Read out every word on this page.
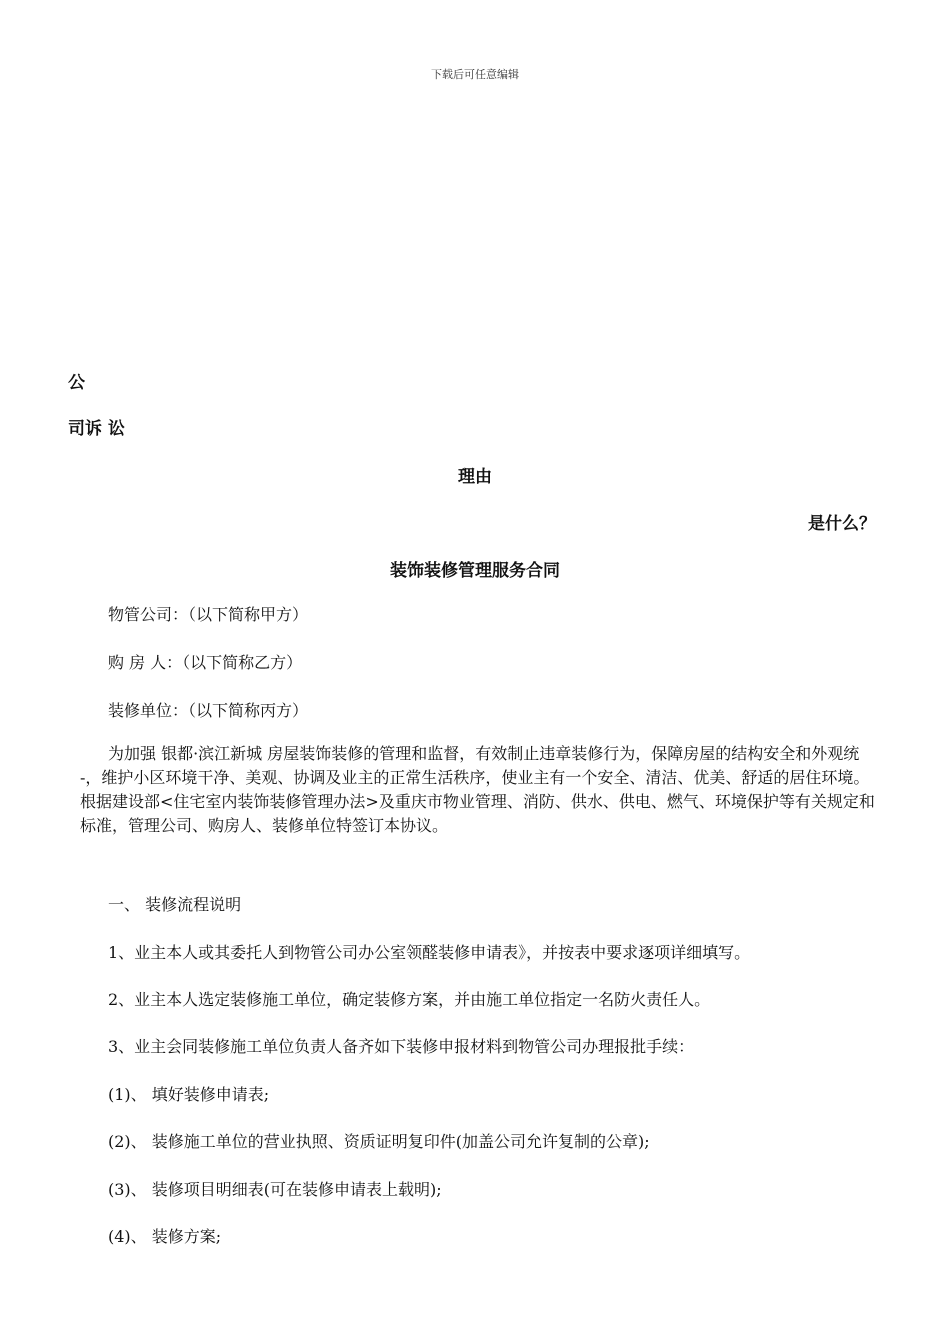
下载后可任意编辑
公
司诉 讼
理由
是什么？
装饰装修管理服务合同
物管公司：（以下简称甲方）
购 房 人：（以下简称乙方）
装修单位：（以下简称丙方）
为加强 银都·滨江新城 房屋装饰装修的管理和监督，有效制止违章装修行为，保障房屋的结构安全和外观统 -，维护小区环境干净、美观、协调及业主的正常生活秩序，使业主有一个安全、清洁、优美、舒适的居住环境。根据建设部<住宅室内装饰装修管理办法>及重庆市物业管理、消防、供水、供电、燃气、环境保护等有关规定和标准，管理公司、购房人、装修单位特签订本协议。
一、 装修流程说明
1、业主本人或其委托人到物管公司办公室领醛装修申请表》，并按表中要求逐项详细填写。
2、业主本人选定装修施工单位，确定装修方案，并由施工单位指定一名防火责任人。
3、业主会同装修施工单位负责人备齐如下装修申报材料到物管公司办理报批手续：
(1)、 填好装修申请表;
(2)、 装修施工单位的营业执照、资质证明复印件(加盖公司允许复制的公章);
(3)、 装修项目明细表(可在装修申请表上载明);
(4)、 装修方案;
